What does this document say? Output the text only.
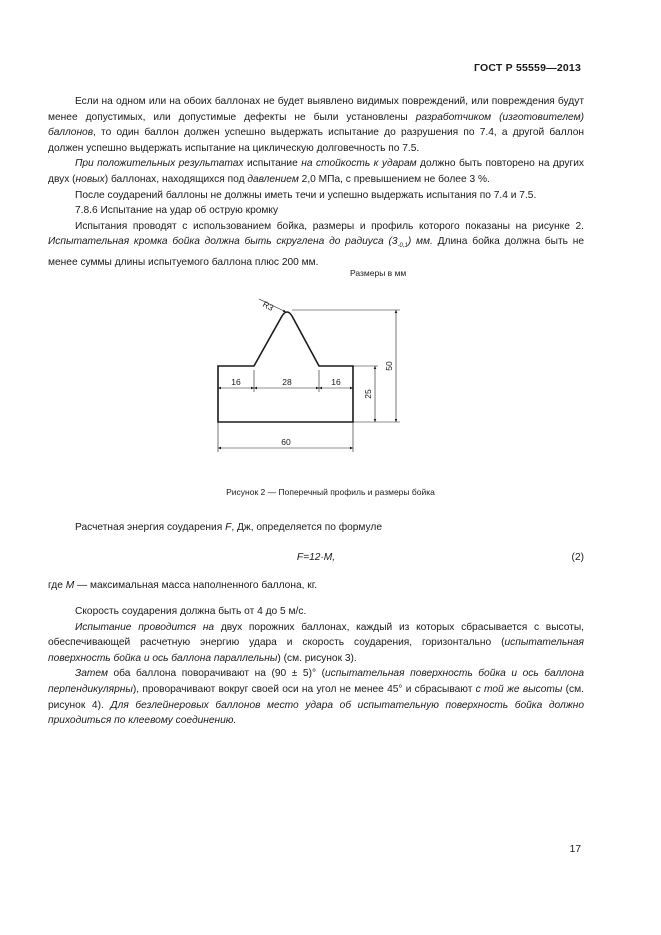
ГОСТ Р 55559—2013

Если на одном или на обоих баллонах не будет выявлено видимых повреждений, или повреждения будут менее допустимых, или допустимые дефекты не были установлены разработчиком (изготовителем) баллонов, то один баллон должен успешно выдержать испытание до разрушения по 7.4, а другой баллон должен успешно выдержать испытание на циклическую долговечность по 7.5.

При положительных результатах испытание на стойкость к ударам должно быть повторено на других двух (новых) баллонах, находящихся под давлением 2,0 МПа, с превышением не более 3 %.

После соударений баллоны не должны иметь течи и успешно выдержать испытания по 7.4 и 7.5.

7.8.6 Испытание на удар об острую кромку

Испытания проводят с использованием бойка, размеры и профиль которого показаны на рисунке 2. Испытательная кромка бойка должна быть скруглена до радиуса $(3_{-0,1})$ мм. Длина бойка должна быть не менее суммы длины испытуемого баллона плюс 200 мм.

Размеры в мм
R3
16	28	16
60
25
50
Рисунок 2 — Поперечный профиль и размеры бойка

Расчетная энергия соударения F, Дж, определяется по формуле

F=12·M,	(2)
где M — максимальная масса наполненного баллона, кг.

Скорость соударения должна быть от 4 до 5 м/с.

Испытание проводится на двух порожних баллонах, каждый из которых сбрасывается с высоты, обеспечивающей расчетную энергию удара и скорость соударения, горизонтально (испытательная поверхность бойка и ось баллона параллельны) (см. рисунок 3).

Затем оба баллона поворачивают на (90 ± 5)° (испытательная поверхность бойка и ось баллона перпендикулярны), проворачивают вокруг своей оси на угол не менее 45° и сбрасывают с той же высоты (см. рисунок 4). Для безлейнеровых баллонов место удара об испытательную поверхность бойка должно приходиться по клеевому соединению.

17
